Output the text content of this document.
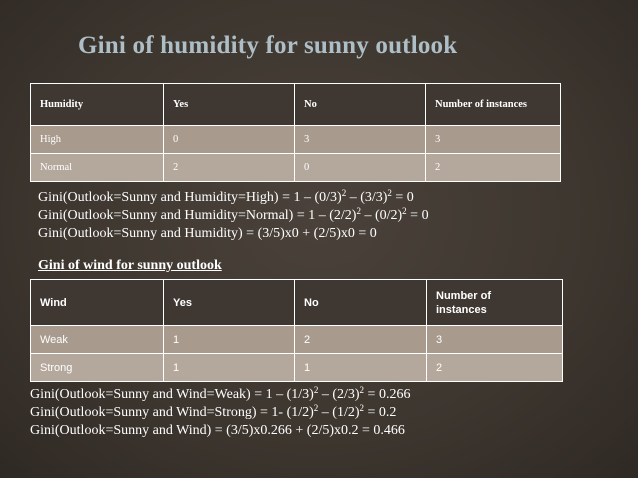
Gini of humidity for sunny outlook
Humidity	Yes	No	Number of instances
High	0	3	3
Normal	2	0	2
Gini(Outlook=Sunny and Humidity=High) = $1 - (0/3)^2 - (3/3)^2 = 0$
Gini(Outlook=Sunny and Humidity=Normal) = $1 - (2/2)^2 - (0/2)^2 = 0$
Gini(Outlook=Sunny and Humidity) = (3/5)x0 + (2/5)x0 = 0
Gini of wind for sunny outlook
Wind	Yes	No	Number of instances
Weak	1	2	3
Strong	1	1	2
Gini(Outlook=Sunny and Wind=Weak) = $1 - (1/3)^2 - (2/3)^2 = 0.266$
Gini(Outlook=Sunny and Wind=Strong) = 1- $(1/2)^2 - (1/2)^2 = 0.2$
Gini(Outlook=Sunny and Wind) = (3/5)x0.266 + (2/5)x0.2 = 0.466
